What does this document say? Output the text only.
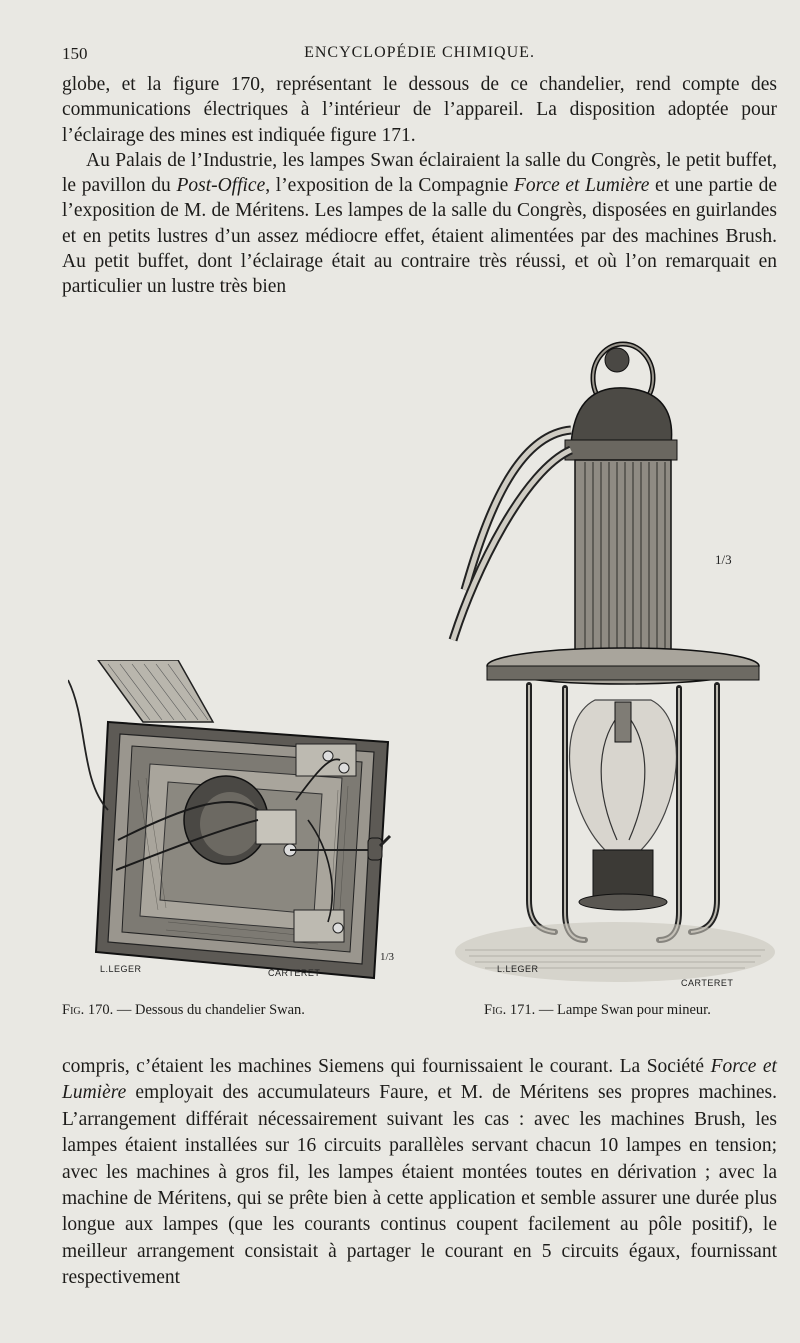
150	ENCYCLOPÉDIE CHIMIQUE.

globe, et la figure 170, représentant le dessous de ce chandelier, rend compte des communications électriques à l’intérieur de l’appareil. La disposition adoptée pour l’éclairage des mines est indiquée figure 171.

Au Palais de l’Industrie, les lampes Swan éclairaient la salle du Congrès, le petit buffet, le pavillon du Post-Office, l’exposition de la Compagnie Force et Lumière et une partie de l’exposition de M. de Méritens. Les lampes de la salle du Congrès, disposées en guirlandes et en petits lustres d’un assez médiocre effet, étaient alimentées par des machines Brush. Au petit buffet, dont l’éclairage était au contraire très réussi, et où l’on remarquait en particulier un lustre très bien

L.LEGER	CARTERET
1/3
L.LEGER
CARTERET
1/3
Fig. 170. — Dessous du chandelier Swan.	Fig. 171. — Lampe Swan pour mineur.

compris, c’étaient les machines Siemens qui fournissaient le courant. La Société Force et Lumière employait des accumulateurs Faure, et M. de Méritens ses propres machines. L’arrangement différait nécessairement suivant les cas : avec les machines Brush, les lampes étaient installées sur 16 circuits parallèles servant chacun 10 lampes en tension; avec les machines à gros fil, les lampes étaient montées toutes en dérivation ; avec la machine de Méritens, qui se prête bien à cette application et semble assurer une durée plus longue aux lampes (que les courants continus coupent facilement au pôle positif), le meilleur arrangement consistait à partager le courant en 5 circuits égaux, fournissant respectivement
